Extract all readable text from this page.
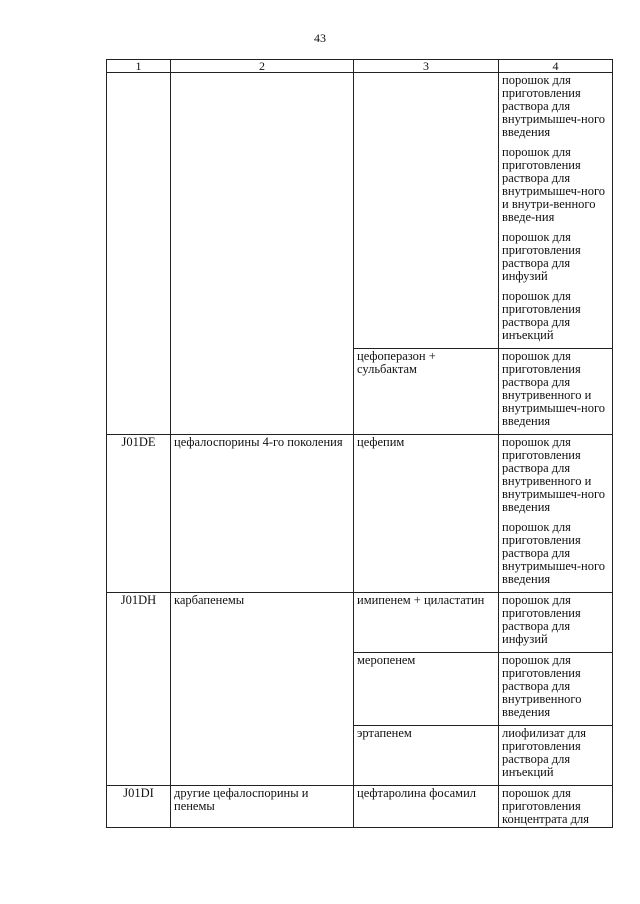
43
1	2	3	4

			порошок для приготовления раствора для внутримышеч-ного введения
порошок для приготовления раствора для внутримышеч-ного и внутри-венного введе-ния
порошок для приготовления раствора для инфузий
порошок для приготовления раствора для инъекций

		цефоперазон + сульбактам	порошок для приготовления раствора для внутривенного и внутримышеч-ного введения

J01DE	цефалоспорины 4-го поколения	цефепим	порошок для приготовления раствора для внутривенного и внутримышеч-ного введения
порошок для приготовления раствора для внутримышеч-ного введения

J01DH	карбапенемы	имипенем + циластатин	порошок для приготовления раствора для инфузий

		меропенем	порошок для приготовления раствора для внутривенного введения

		эртапенем	лиофилизат для приготовления раствора для инъекций

J01DI	другие цефалоспорины и пенемы	цефтаролина фосамил	порошок для приготовления концентрата для
